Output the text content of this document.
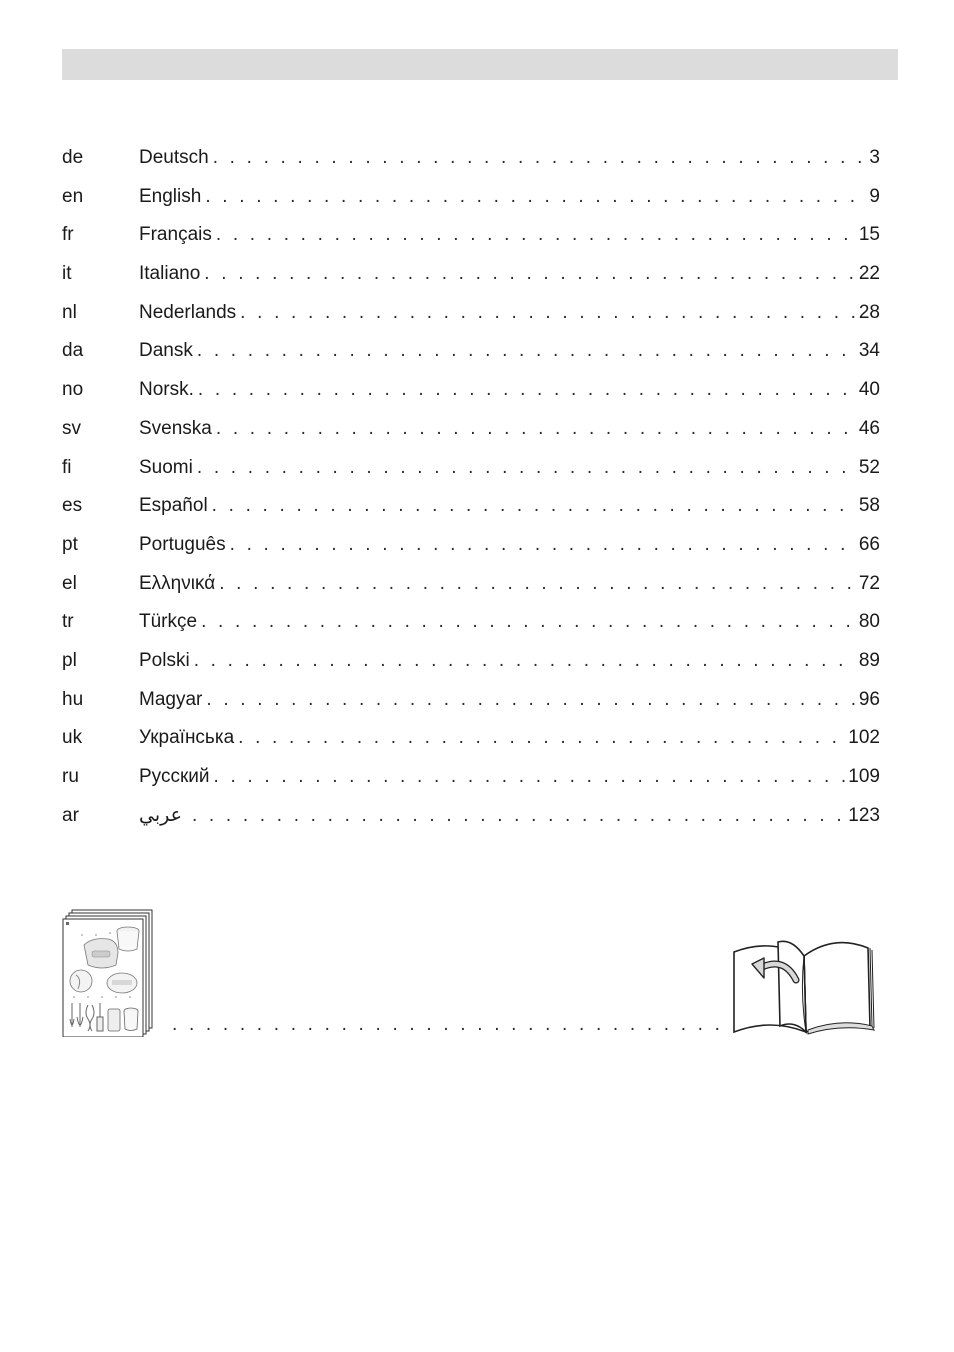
de	Deutsch . . .	3
en	English . . .	9
fr	Français . . .	15
it	Italiano . . .	22
nl	Nederlands . . .	28
da	Dansk . . .	34
no	Norsk. . . .	40
sv	Svenska . . .	46
fi	Suomi . . .	52
es	Español . . .	58
pt	Português . . .	66
el	Ελληνικά . . .	72
tr	Türkçe . . .	80
pl	Polski . . .	89
hu	Magyar . . .	96
uk	Українська . . .	102
ru	Русский . . .	109
ar	عربي . . .	123
. . .
